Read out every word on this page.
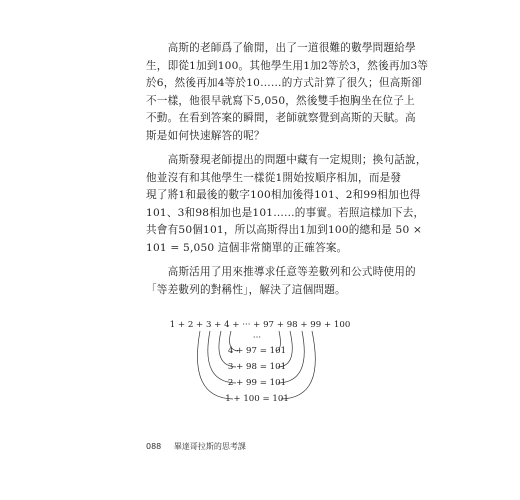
　　高斯的老師爲了偷閒，出了一道很難的數學問題給學
生，即從1加到100。其他學生用1加2等於3，然後再加3等
於6，然後再加4等於10……的方式計算了很久；但高斯卻
不一樣，他很早就寫下5,050，然後雙手抱胸坐在位子上
不動。在看到答案的瞬間，老師就察覺到高斯的天賦。高
斯是如何快速解答的呢？
　　高斯發現老師提出的問題中藏有一定規則；換句話說，
他並沒有和其他學生一樣從1開始按順序相加，而是發
現了將1和最後的數字100相加後得101、2和99相加也得
101、3和98相加也是101……的事實。若照這樣加下去，
共會有50個101，所以高斯得出1加到100的總和是 50 ×
101 = 5,050 這個非常簡單的正確答案。
　　高斯活用了用來推導求任意等差數列和公式時使用的
「等差數列的對稱性」，解決了這個問題。
1 + 2 + 3 + 4 + ··· + 97 + 98 + 99 + 100
···
4 + 97 = 101
3 + 98 = 101
2 + 99 = 101
1 + 100 = 101
088 畢達哥拉斯的思考課
